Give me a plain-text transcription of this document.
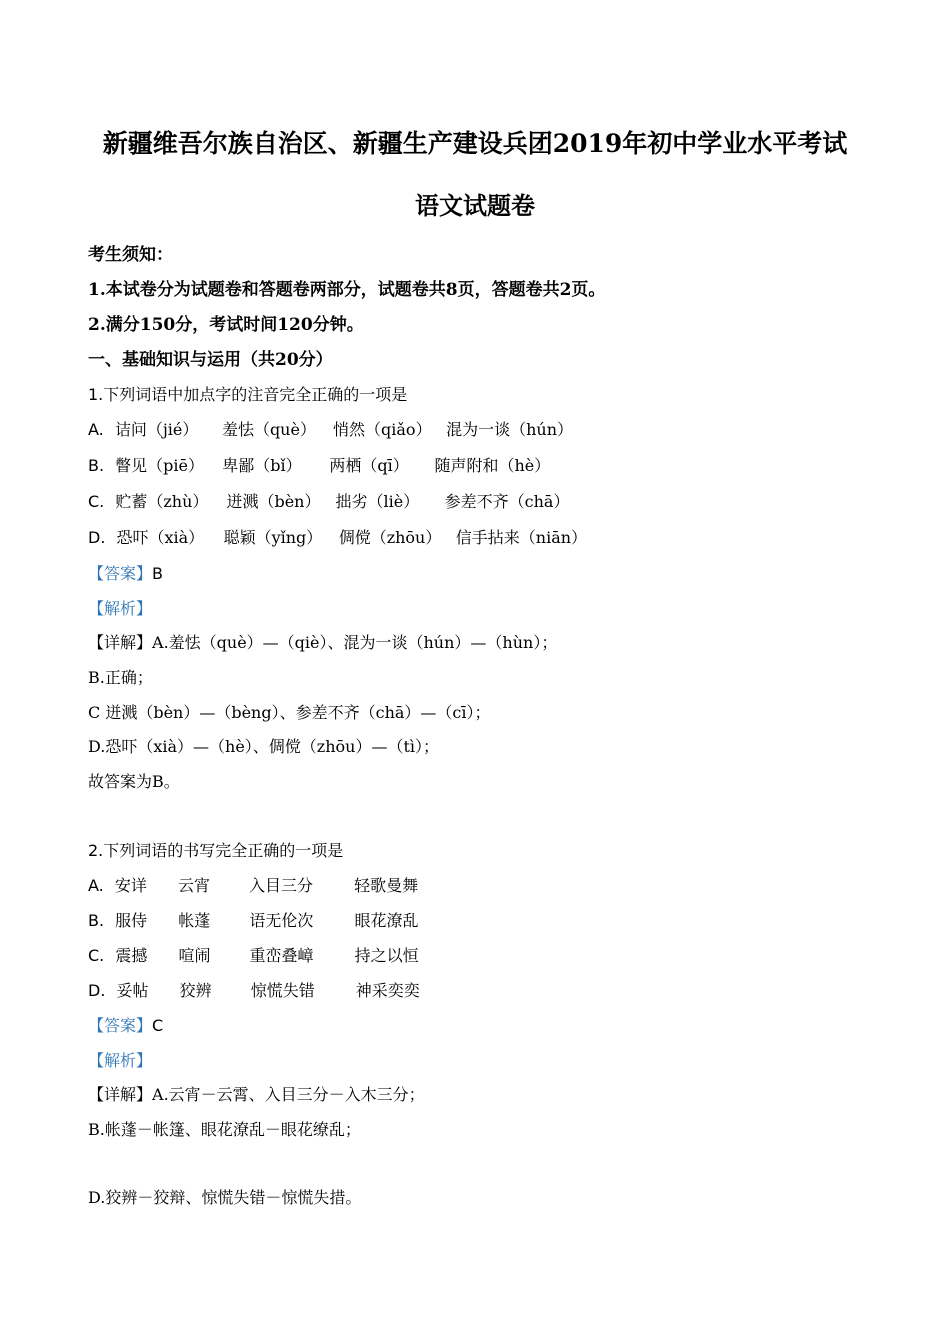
新疆维吾尔族自治区、新疆生产建设兵团2019年初中学业水平考试
语文试题卷
考生须知：
1.本试卷分为试题卷和答题卷两部分，试题卷共8页，答题卷共2页。
2.满分150分，考试时间120分钟。
一、基础知识与运用（共20分）
1.下列词语中加点字的注音完全正确的一项是
A. 诘问（jié） 羞怯（què） 悄然（qiǎo） 混为一谈（hún）
B. 瞥见（piē） 卑鄙（bǐ） 两栖（qī） 随声附和（hè）
C. 贮蓄（zhù） 迸溅（bèn） 拙劣（liè） 参差不齐（chā）
D. 恐吓（xià） 聪颖（yǐng） 倜傥（zhōu） 信手拈来（niān）
【答案】B
【解析】
【详解】A.羞怯（què）—（qiè）、混为一谈（hún）—（hùn）；
B.正确；
C 迸溅（bèn）—（bèng）、参差不齐（chā）—（cī）；
D.恐吓（xià）—（hè）、倜傥（zhōu）—（tì）；
故答案为B。
2.下列词语的书写完全正确的一项是
A. 安详 云宵 入目三分	轻歌曼舞
B. 服侍 帐蓬 语无伦次	眼花潦乱
C. 震撼 喧闹 重峦叠嶂	持之以恒
D. 妥帖 狡辨 惊慌失错	神采奕奕
【答案】C
【解析】
【详解】A.云宵－云霄、入目三分－入木三分；
B.帐蓬－帐篷、眼花潦乱－眼花缭乱；
D.狡辨－狡辩、惊慌失错－惊慌失措。
